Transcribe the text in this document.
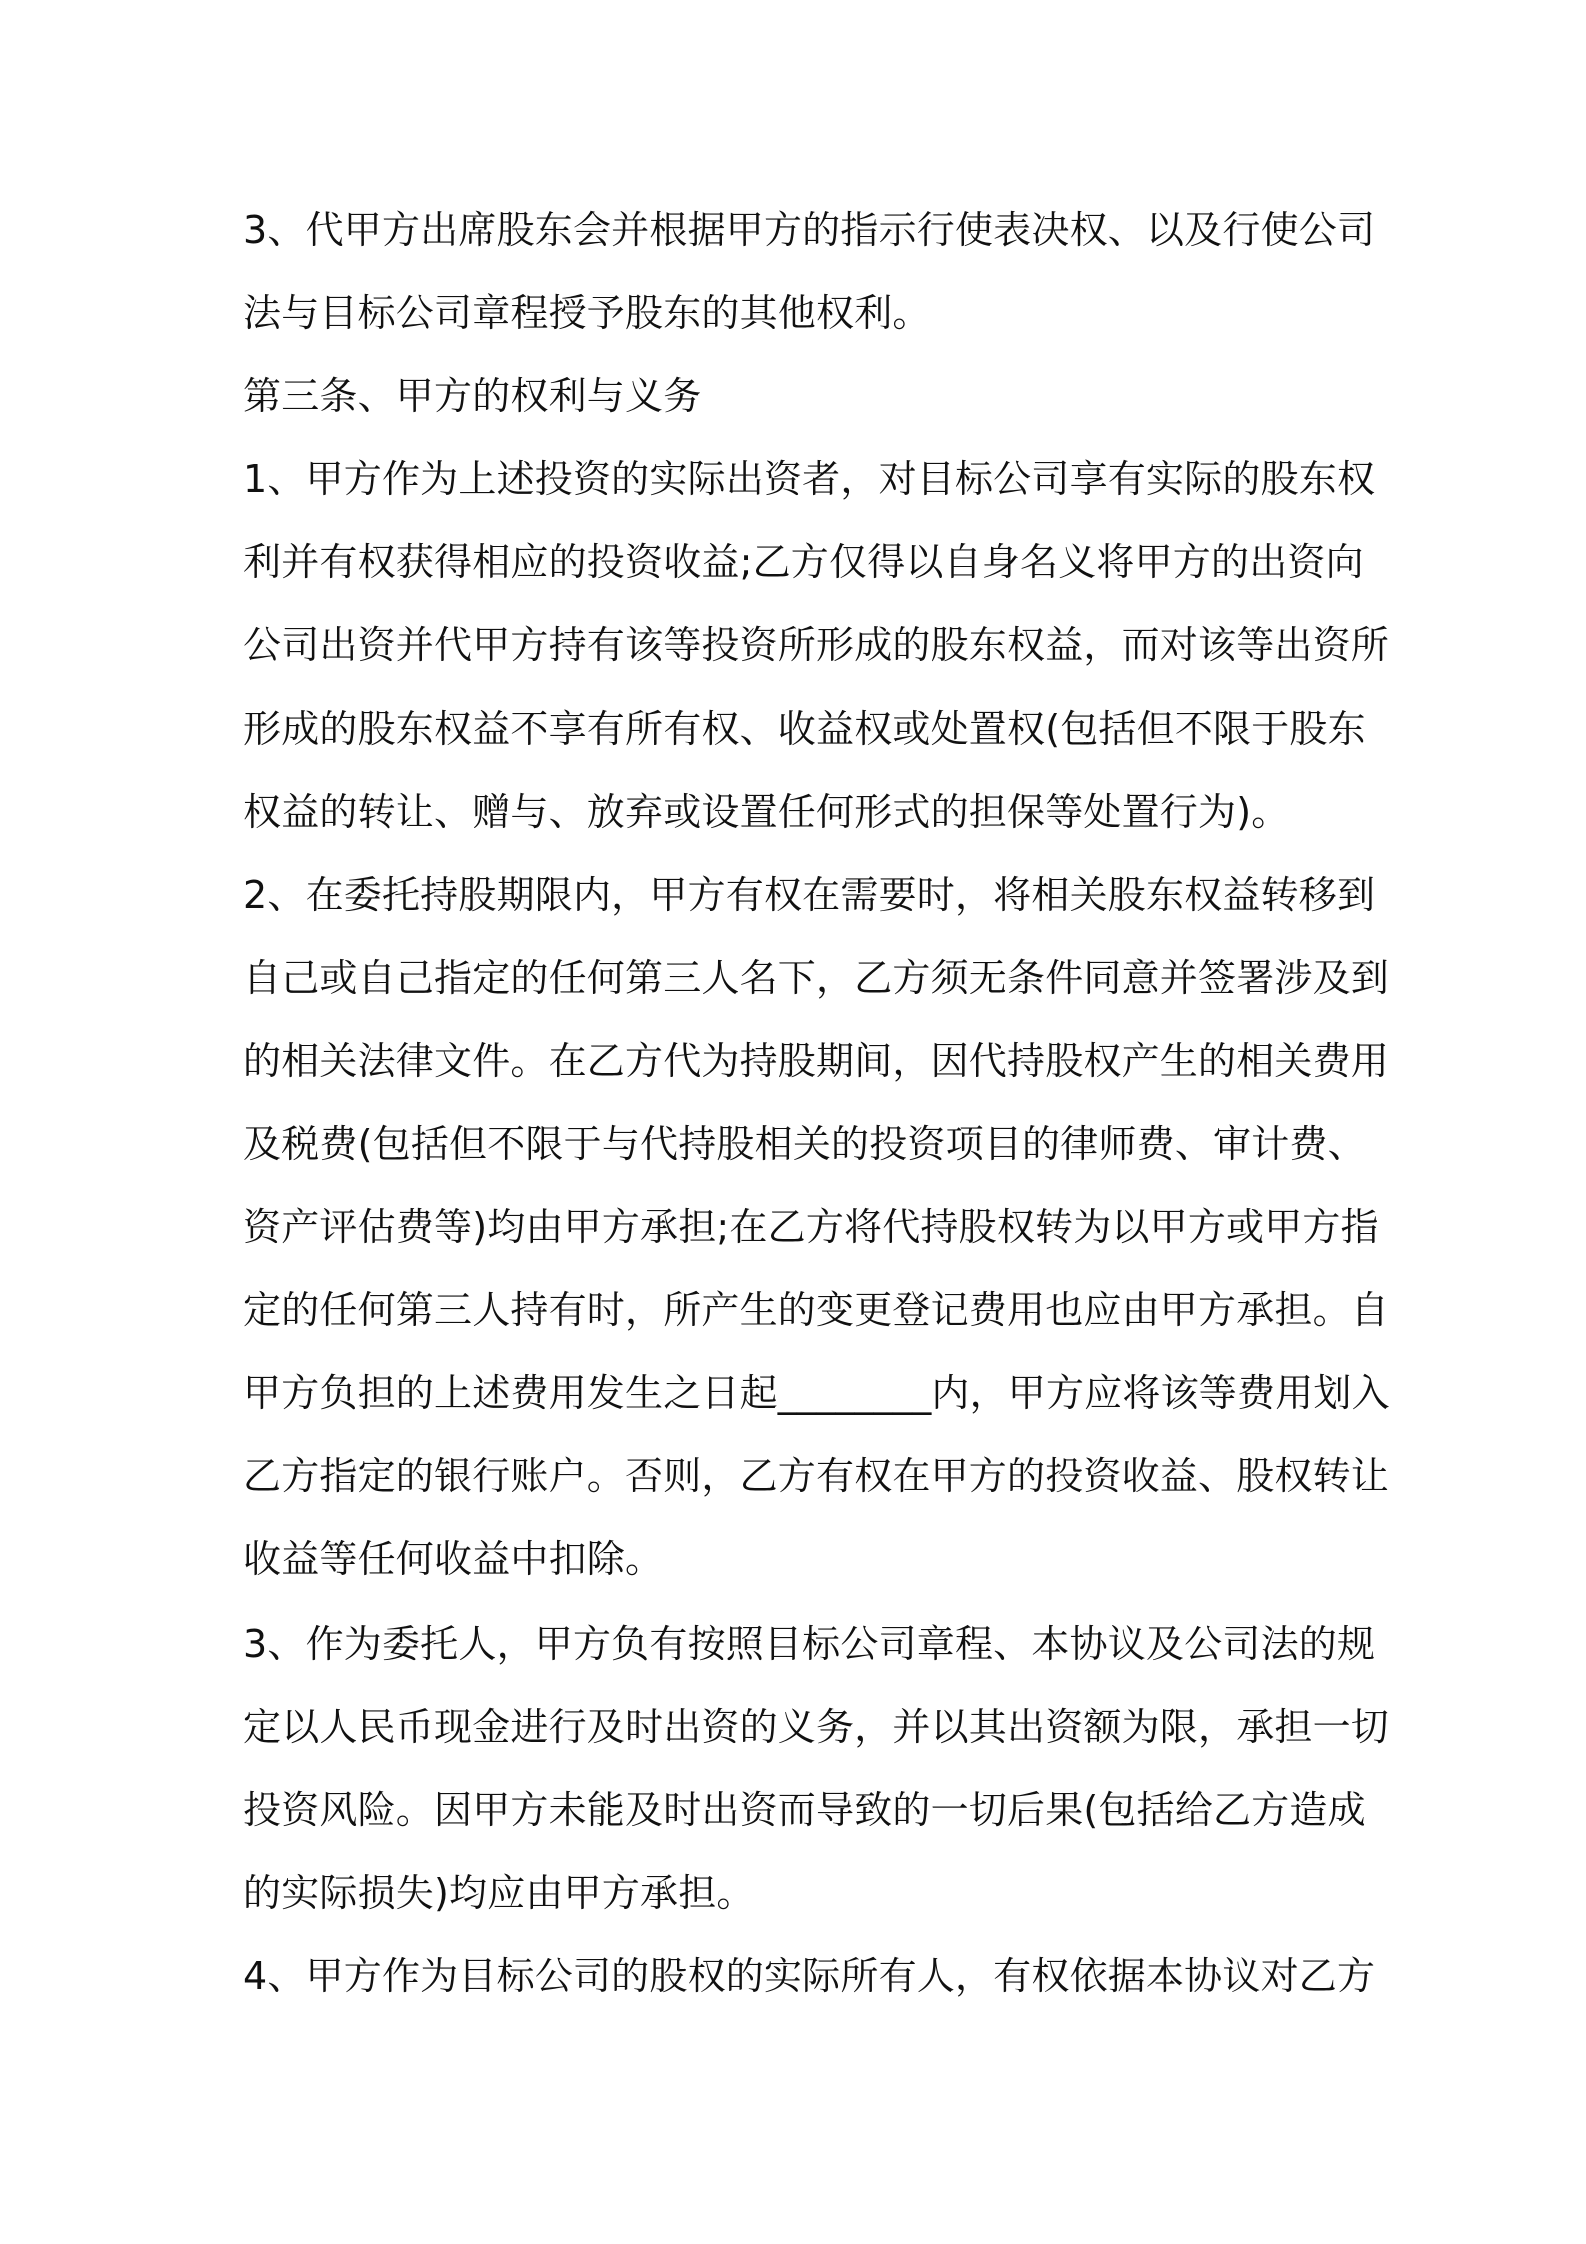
3、代甲方出席股东会并根据甲方的指示行使表决权、以及行使公司
法与目标公司章程授予股东的其他权利。
第三条、甲方的权利与义务
1、甲方作为上述投资的实际出资者，对目标公司享有实际的股东权
利并有权获得相应的投资收益;乙方仅得以自身名义将甲方的出资向
公司出资并代甲方持有该等投资所形成的股东权益，而对该等出资所
形成的股东权益不享有所有权、收益权或处置权(包括但不限于股东
权益的转让、赠与、放弃或设置任何形式的担保等处置行为)。
2、在委托持股期限内，甲方有权在需要时，将相关股东权益转移到
自己或自己指定的任何第三人名下，乙方须无条件同意并签署涉及到
的相关法律文件。在乙方代为持股期间，因代持股权产生的相关费用
及税费(包括但不限于与代持股相关的投资项目的律师费、审计费、
资产评估费等)均由甲方承担;在乙方将代持股权转为以甲方或甲方指
定的任何第三人持有时，所产生的变更登记费用也应由甲方承担。自
甲方负担的上述费用发生之日起________内，甲方应将该等费用划入
乙方指定的银行账户。否则，乙方有权在甲方的投资收益、股权转让
收益等任何收益中扣除。
3、作为委托人，甲方负有按照目标公司章程、本协议及公司法的规
定以人民币现金进行及时出资的义务，并以其出资额为限，承担一切
投资风险。因甲方未能及时出资而导致的一切后果(包括给乙方造成
的实际损失)均应由甲方承担。
4、甲方作为目标公司的股权的实际所有人，有权依据本协议对乙方
